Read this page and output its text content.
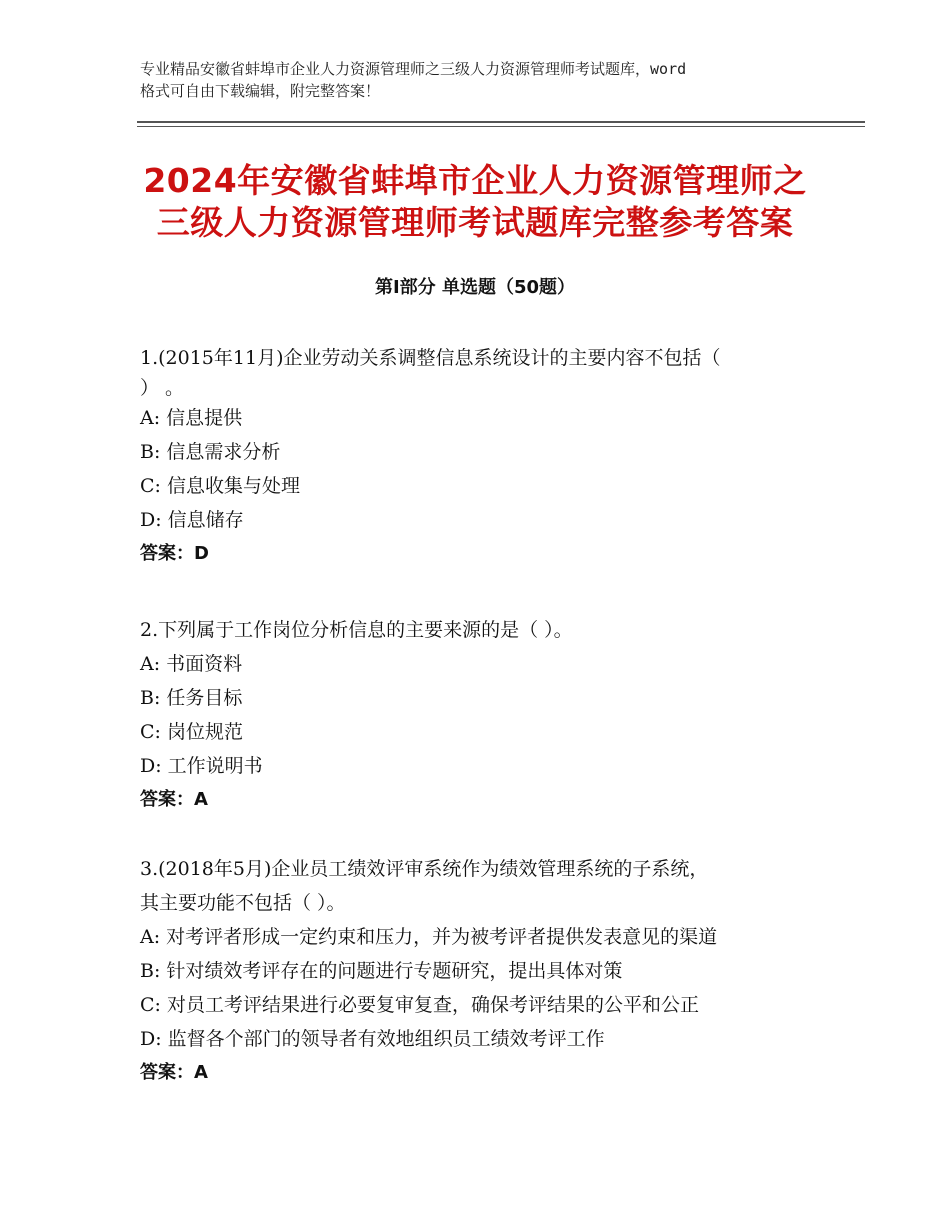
专业精品安徽省蚌埠市企业人力资源管理师之三级人力资源管理师考试题库，word
格式可自由下载编辑，附完整答案！
2024年安徽省蚌埠市企业人力资源管理师之
三级人力资源管理师考试题库完整参考答案
第Ⅰ部分 单选题（50题）
1.(2015年11月)企业劳动关系调整信息系统设计的主要内容不包括（
） 。
A: 信息提供
B: 信息需求分析
C: 信息收集与处理
D: 信息储存
答案：D
2.下列属于工作岗位分析信息的主要来源的是（ ）。
A: 书面资料
B: 任务目标
C: 岗位规范
D: 工作说明书
答案：A
3.(2018年5月)企业员工绩效评审系统作为绩效管理系统的子系统，
其主要功能不包括（ ）。
A: 对考评者形成一定约束和压力，并为被考评者提供发表意见的渠道
B: 针对绩效考评存在的问题进行专题研究，提出具体对策
C: 对员工考评结果进行必要复审复查，确保考评结果的公平和公正
D: 监督各个部门的领导者有效地组织员工绩效考评工作
答案：A
